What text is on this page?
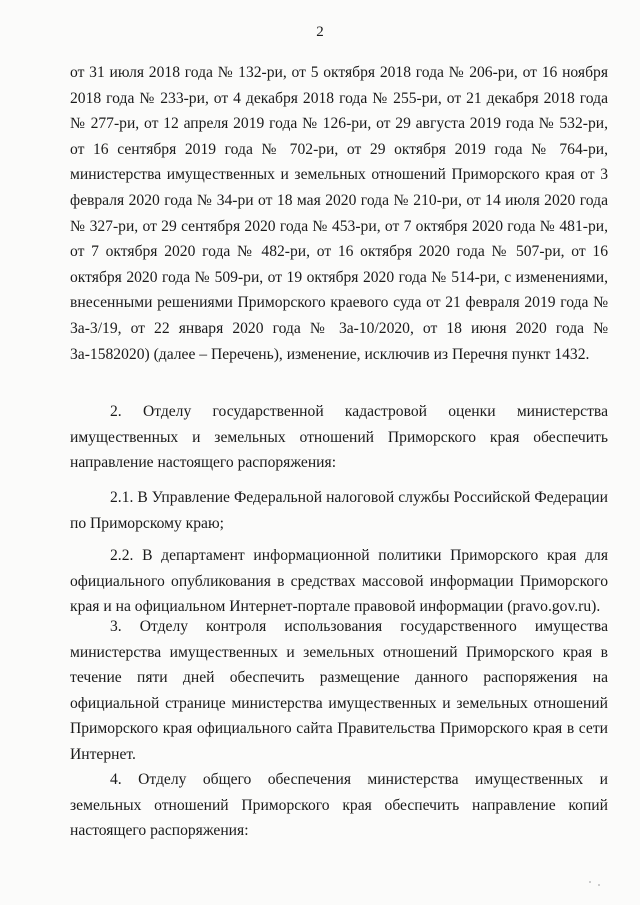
2

от 31 июля 2018 года № 132-ри, от 5 октября 2018 года № 206-ри, от 16 ноября 2018 года № 233-ри, от 4 декабря 2018 года № 255-ри, от 21 декабря 2018 года № 277-ри, от 12 апреля 2019 года № 126-ри, от 29 августа 2019 года № 532-ри, от 16 сентября 2019 года № 702-ри, от 29 октября 2019 года № 764-ри, министерства имущественных и земельных отношений Приморского края от 3 февраля 2020 года № 34-ри от 18 мая 2020 года № 210-ри, от 14 июля 2020 года № 327-ри, от 29 сентября 2020 года № 453-ри, от 7 октября 2020 года № 481-ри, от 7 октября 2020 года № 482-ри, от 16 октября 2020 года № 507-ри, от 16 октября 2020 года № 509-ри, от 19 октября 2020 года № 514-ри, с изменениями, внесенными решениями Приморского краевого суда от 21 февраля 2019 года № 3а-3/19, от 22 января 2020 года № 3а-10/2020, от 18 июня 2020 года № 3а-1582020) (далее – Перечень), изменение, исключив из Перечня пункт 1432.

2. Отделу государственной кадастровой оценки министерства имущественных и земельных отношений Приморского края обеспечить направление настоящего распоряжения:

2.1. В Управление Федеральной налоговой службы Российской Федерации по Приморскому краю;

2.2. В департамент информационной политики Приморского края для официального опубликования в средствах массовой информации Приморского края и на официальном Интернет-портале правовой информации (pravo.gov.ru).

3. Отделу контроля использования государственного имущества министерства имущественных и земельных отношений Приморского края в течение пяти дней обеспечить размещение данного распоряжения на официальной странице министерства имущественных и земельных отношений Приморского края официального сайта Правительства Приморского края в сети Интернет.

4. Отделу общего обеспечения министерства имущественных и земельных отношений Приморского края обеспечить направление копий настоящего распоряжения:
